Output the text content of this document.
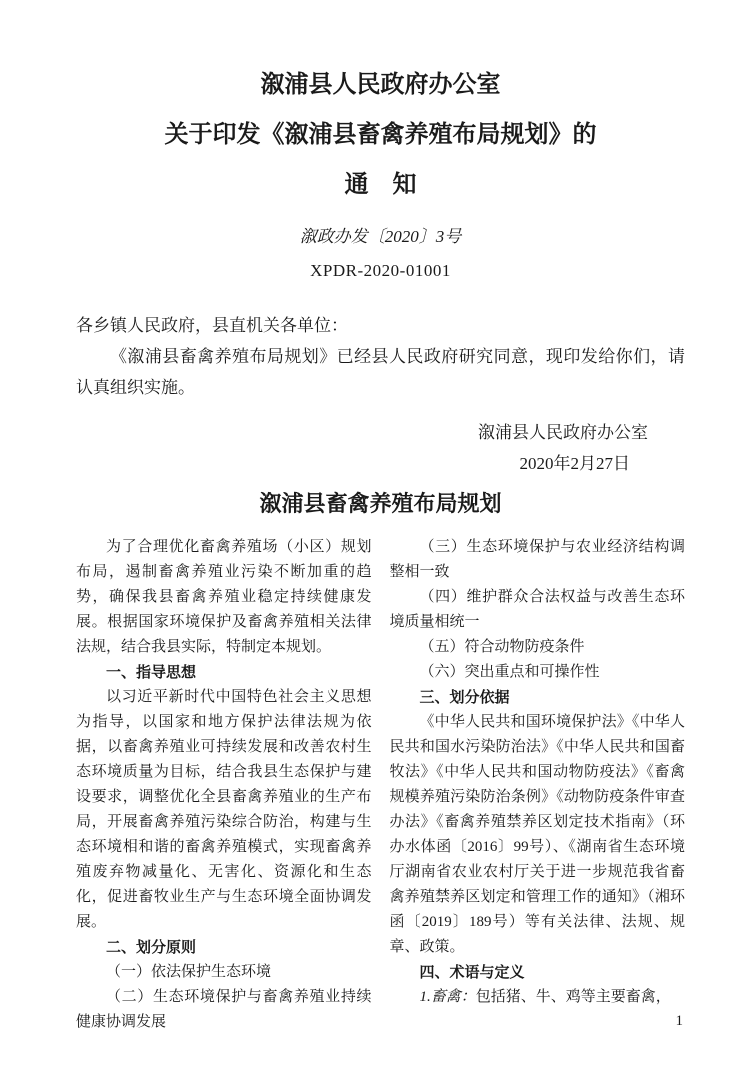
溆浦县人民政府办公室
关于印发《溆浦县畜禽养殖布局规划》的
通　知
溆政办发〔2020〕3号
XPDR-2020-01001

各乡镇人民政府，县直机关各单位：

《溆浦县畜禽养殖布局规划》已经县人民政府研究同意，现印发给你们，请认真组织实施。

溆浦县人民政府办公室
2020年2月27日
溆浦县畜禽养殖布局规划

为了合理优化畜禽养殖场（小区）规划布局，遏制畜禽养殖业污染不断加重的趋势，确保我县畜禽养殖业稳定持续健康发展。根据国家环境保护及畜禽养殖相关法律法规，结合我县实际，特制定本规划。

一、指导思想

以习近平新时代中国特色社会主义思想为指导，以国家和地方保护法律法规为依据，以畜禽养殖业可持续发展和改善农村生态环境质量为目标，结合我县生态保护与建设要求，调整优化全县畜禽养殖业的生产布局，开展畜禽养殖污染综合防治，构建与生态环境相和谐的畜禽养殖模式，实现畜禽养殖废弃物减量化、无害化、资源化和生态化，促进畜牧业生产与生态环境全面协调发展。

二、划分原则

（一）依法保护生态环境

（二）生态环境保护与畜禽养殖业持续健康协调发展

（三）生态环境保护与农业经济结构调整相一致

（四）维护群众合法权益与改善生态环境质量相统一

（五）符合动物防疫条件

（六）突出重点和可操作性

三、划分依据

《中华人民共和国环境保护法》《中华人民共和国水污染防治法》《中华人民共和国畜牧法》《中华人民共和国动物防疫法》《畜禽规模养殖污染防治条例》《动物防疫条件审查办法》《畜禽养殖禁养区划定技术指南》（环办水体函〔2016〕99号）、《湖南省生态环境厅湖南省农业农村厅关于进一步规范我省畜禽养殖禁养区划定和管理工作的通知》（湘环函〔2019〕189号）等有关法律、法规、规章、政策。

四、术语与定义

1.畜禽：包括猪、牛、鸡等主要畜禽，

1
